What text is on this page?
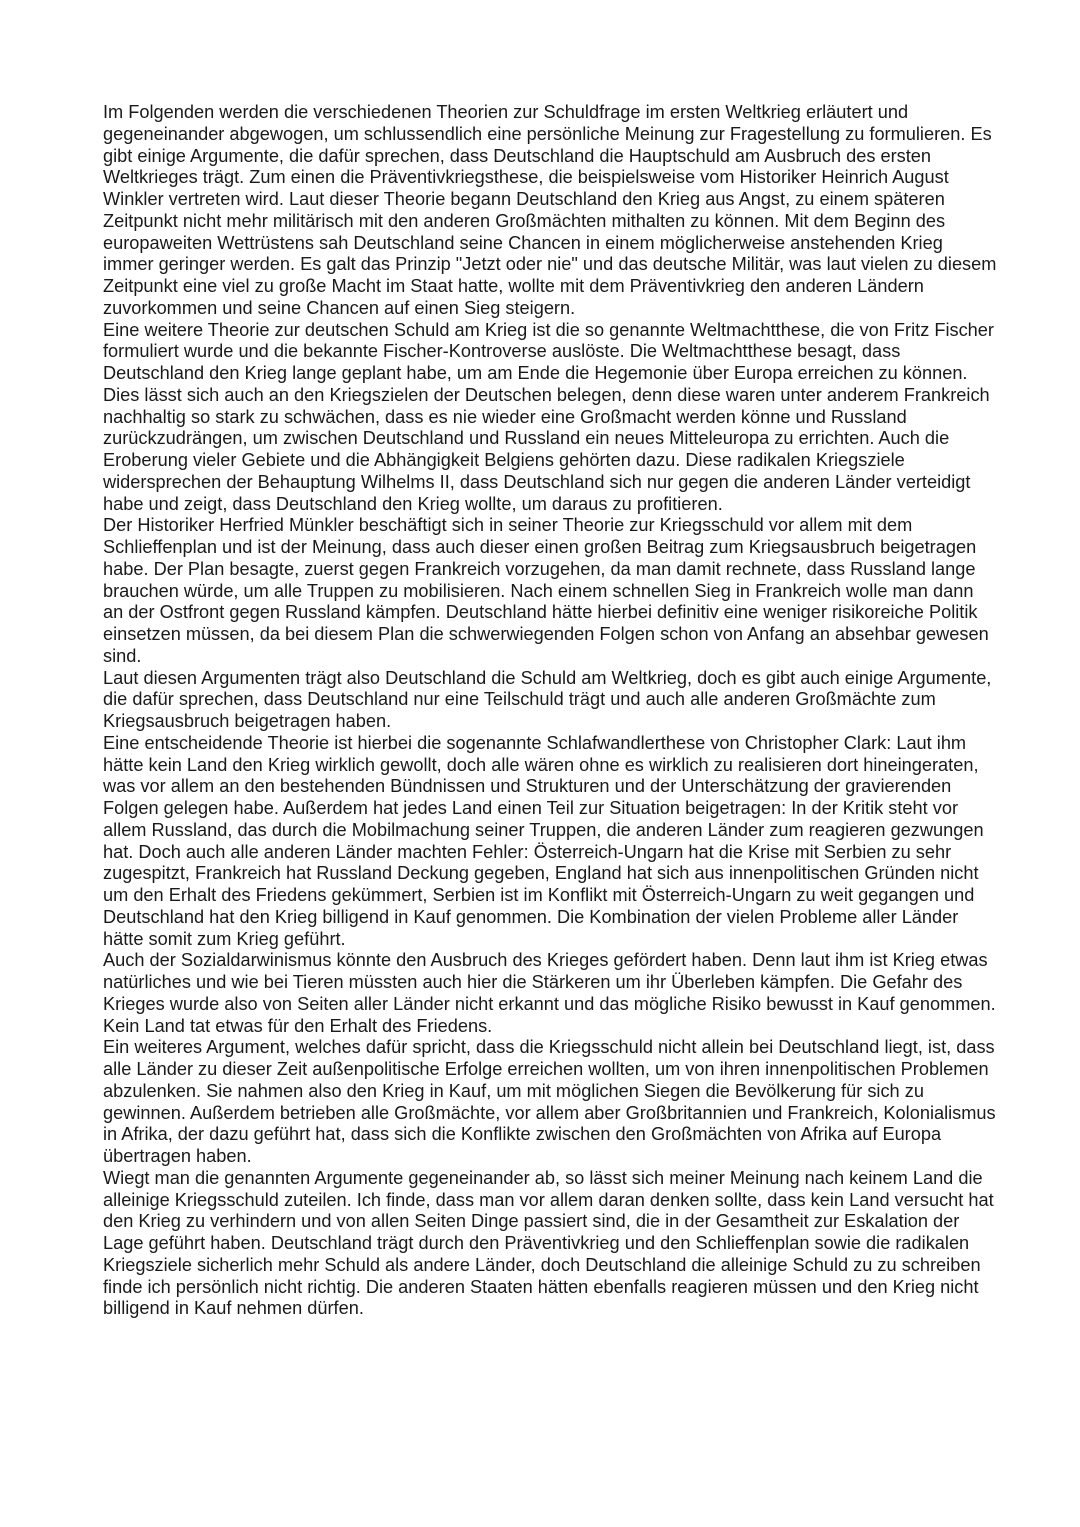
Im Folgenden werden die verschiedenen Theorien zur Schuldfrage im ersten Weltkrieg erläutert und gegeneinander abgewogen, um schlussendlich eine persönliche Meinung zur Fragestellung zu formulieren. Es gibt einige Argumente, die dafür sprechen, dass Deutschland die Hauptschuld am Ausbruch des ersten Weltkrieges trägt. Zum einen die Präventivkriegsthese, die beispielsweise vom Historiker Heinrich August Winkler vertreten wird. Laut dieser Theorie begann Deutschland den Krieg aus Angst, zu einem späteren Zeitpunkt nicht mehr militärisch mit den anderen Großmächten mithalten zu können. Mit dem Beginn des europaweiten Wettrüstens sah Deutschland seine Chancen in einem möglicherweise anstehenden Krieg immer geringer werden. Es galt das Prinzip "Jetzt oder nie" und das deutsche Militär, was laut vielen zu diesem Zeitpunkt eine viel zu große Macht im Staat hatte, wollte mit dem Präventivkrieg den anderen Ländern zuvorkommen und seine Chancen auf einen Sieg steigern.

Eine weitere Theorie zur deutschen Schuld am Krieg ist die so genannte Weltmachtthese, die von Fritz Fischer formuliert wurde und die bekannte Fischer-Kontroverse auslöste. Die Weltmachtthese besagt, dass Deutschland den Krieg lange geplant habe, um am Ende die Hegemonie über Europa erreichen zu können. Dies lässt sich auch an den Kriegszielen der Deutschen belegen, denn diese waren unter anderem Frankreich nachhaltig so stark zu schwächen, dass es nie wieder eine Großmacht werden könne und Russland zurückzudrängen, um zwischen Deutschland und Russland ein neues Mitteleuropa zu errichten. Auch die Eroberung vieler Gebiete und die Abhängigkeit Belgiens gehörten dazu. Diese radikalen Kriegsziele widersprechen der Behauptung Wilhelms II, dass Deutschland sich nur gegen die anderen Länder verteidigt habe und zeigt, dass Deutschland den Krieg wollte, um daraus zu profitieren.

Der Historiker Herfried Münkler beschäftigt sich in seiner Theorie zur Kriegsschuld vor allem mit dem Schlieffenplan und ist der Meinung, dass auch dieser einen großen Beitrag zum Kriegsausbruch beigetragen habe. Der Plan besagte, zuerst gegen Frankreich vorzugehen, da man damit rechnete, dass Russland lange brauchen würde, um alle Truppen zu mobilisieren. Nach einem schnellen Sieg in Frankreich wolle man dann an der Ostfront gegen Russland kämpfen. Deutschland hätte hierbei definitiv eine weniger risikoreiche Politik einsetzen müssen, da bei diesem Plan die schwerwiegenden Folgen schon von Anfang an absehbar gewesen sind.

Laut diesen Argumenten trägt also Deutschland die Schuld am Weltkrieg, doch es gibt auch einige Argumente, die dafür sprechen, dass Deutschland nur eine Teilschuld trägt und auch alle anderen Großmächte zum Kriegsausbruch beigetragen haben.

Eine entscheidende Theorie ist hierbei die sogenannte Schlafwandlerthese von Christopher Clark: Laut ihm hätte kein Land den Krieg wirklich gewollt, doch alle wären ohne es wirklich zu realisieren dort hineingeraten, was vor allem an den bestehenden Bündnissen und Strukturen und der Unterschätzung der gravierenden Folgen gelegen habe. Außerdem hat jedes Land einen Teil zur Situation beigetragen: In der Kritik steht vor allem Russland, das durch die Mobilmachung seiner Truppen, die anderen Länder zum reagieren gezwungen hat. Doch auch alle anderen Länder machten Fehler: Österreich-Ungarn hat die Krise mit Serbien zu sehr zugespitzt, Frankreich hat Russland Deckung gegeben, England hat sich aus innenpolitischen Gründen nicht um den Erhalt des Friedens gekümmert, Serbien ist im Konflikt mit Österreich-Ungarn zu weit gegangen und Deutschland hat den Krieg billigend in Kauf genommen. Die Kombination der vielen Probleme aller Länder hätte somit zum Krieg geführt.

Auch der Sozialdarwinismus könnte den Ausbruch des Krieges gefördert haben. Denn laut ihm ist Krieg etwas natürliches und wie bei Tieren müssten auch hier die Stärkeren um ihr Überleben kämpfen. Die Gefahr des Krieges wurde also von Seiten aller Länder nicht erkannt und das mögliche Risiko bewusst in Kauf genommen. Kein Land tat etwas für den Erhalt des Friedens.

Ein weiteres Argument, welches dafür spricht, dass die Kriegsschuld nicht allein bei Deutschland liegt, ist, dass alle Länder zu dieser Zeit außenpolitische Erfolge erreichen wollten, um von ihren innenpolitischen Problemen abzulenken. Sie nahmen also den Krieg in Kauf, um mit möglichen Siegen die Bevölkerung für sich zu gewinnen. Außerdem betrieben alle Großmächte, vor allem aber Großbritannien und Frankreich, Kolonialismus in Afrika, der dazu geführt hat, dass sich die Konflikte zwischen den Großmächten von Afrika auf Europa übertragen haben.

Wiegt man die genannten Argumente gegeneinander ab, so lässt sich meiner Meinung nach keinem Land die alleinige Kriegsschuld zuteilen. Ich finde, dass man vor allem daran denken sollte, dass kein Land versucht hat den Krieg zu verhindern und von allen Seiten Dinge passiert sind, die in der Gesamtheit zur Eskalation der Lage geführt haben. Deutschland trägt durch den Präventivkrieg und den Schlieffenplan sowie die radikalen Kriegsziele sicherlich mehr Schuld als andere Länder, doch Deutschland die alleinige Schuld zu zu schreiben finde ich persönlich nicht richtig. Die anderen Staaten hätten ebenfalls reagieren müssen und den Krieg nicht billigend in Kauf nehmen dürfen.
